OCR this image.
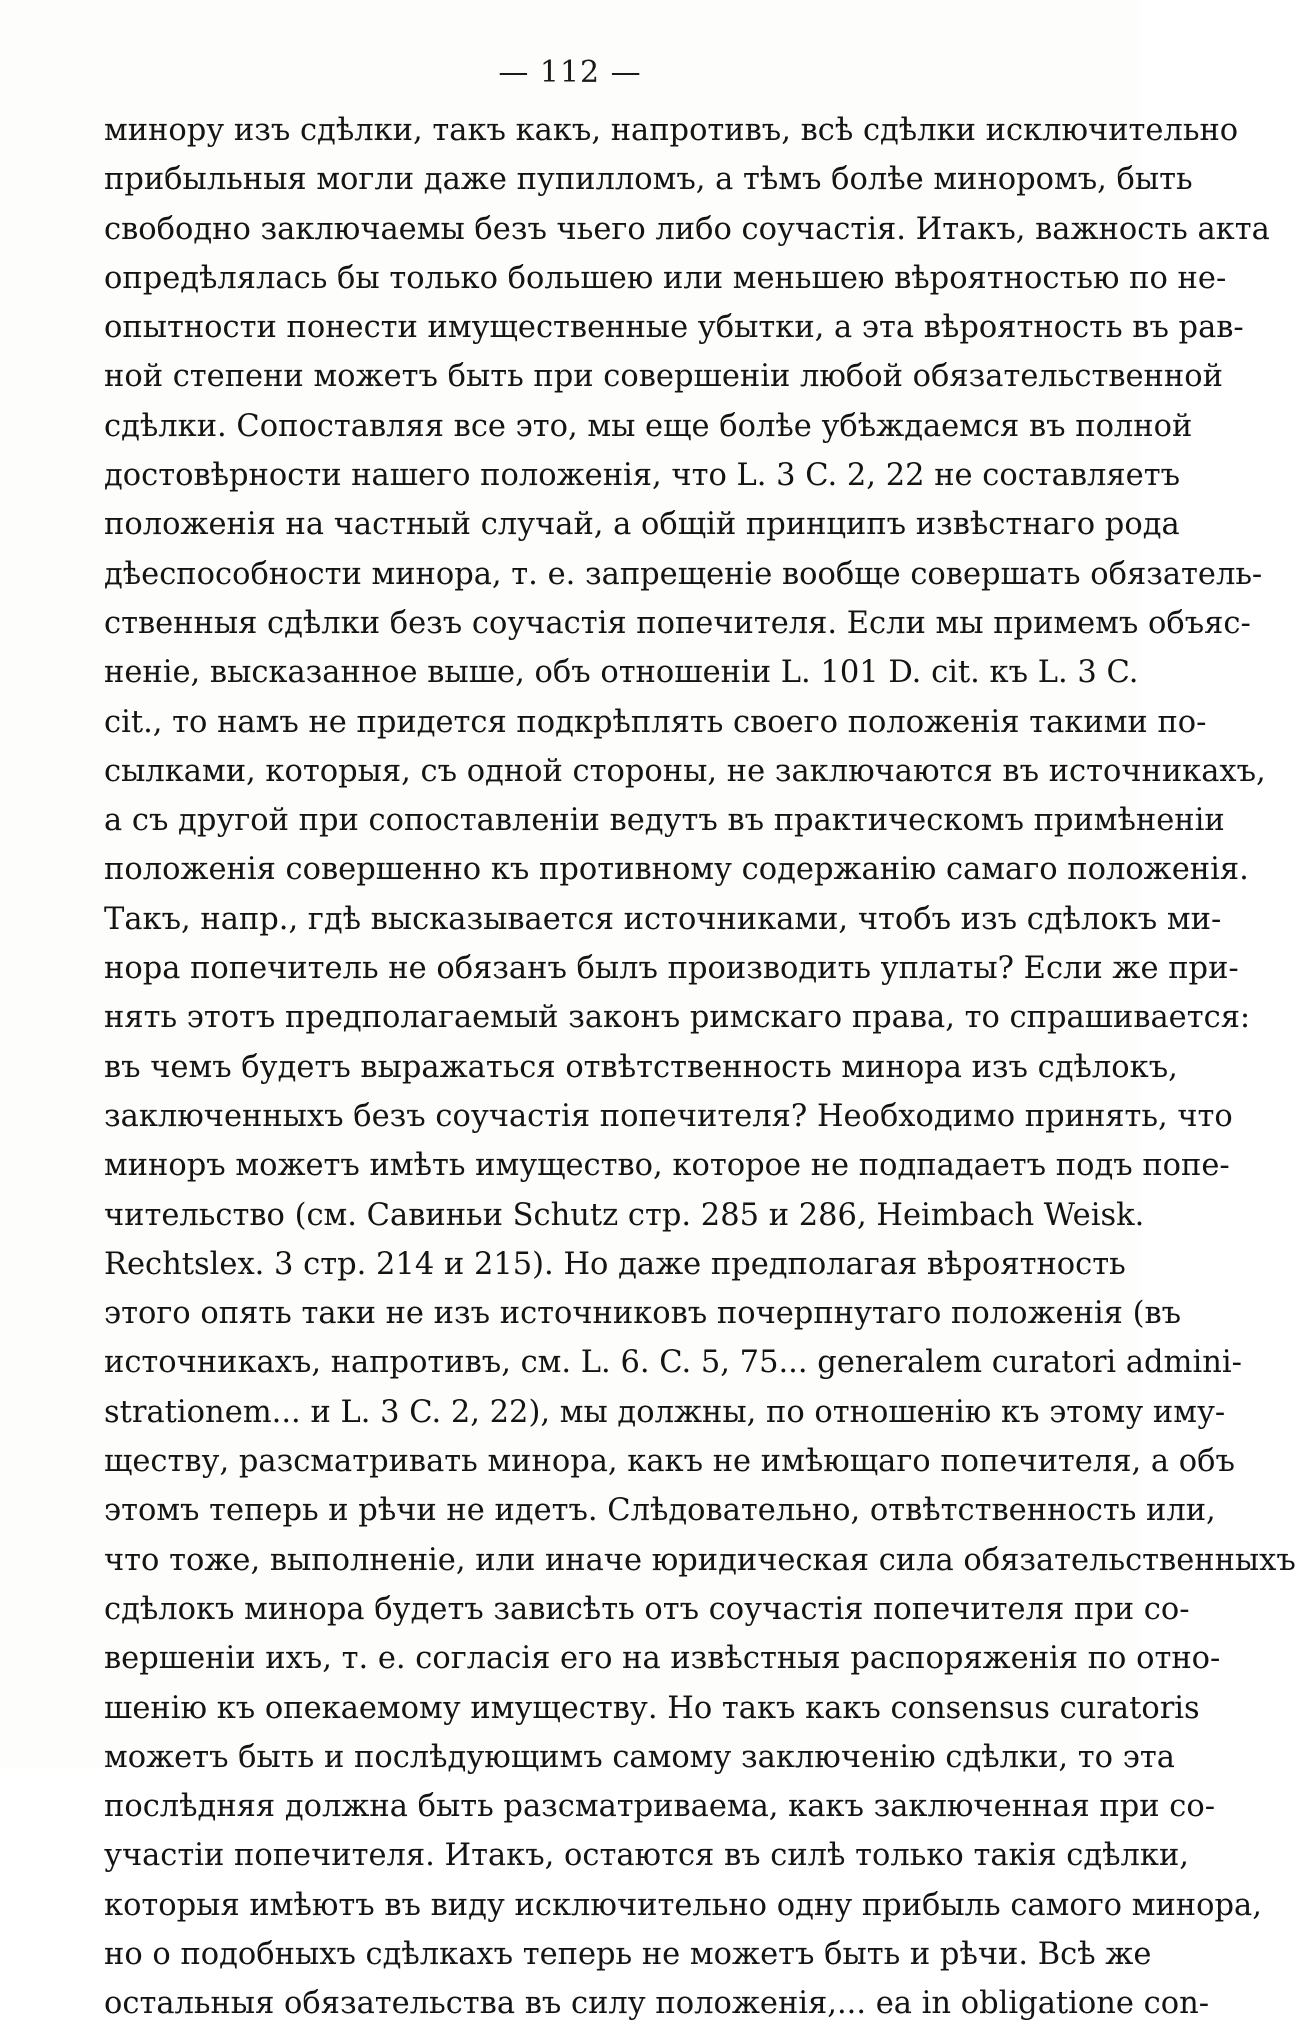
— 112 —
минору изъ сдѣлки, такъ какъ, напротивъ, всѣ сдѣлки исключительно
прибыльныя могли даже пупилломъ, а тѣмъ болѣе миноромъ, быть
свободно заключаемы безъ чьего либо соучастія. Итакъ, важность акта
опредѣлялась бы только большею или меньшею вѣроятностью по не-
опытности понести имущественные убытки, а эта вѣроятность въ рав-
ной степени можетъ быть при совершеніи любой обязательственной
сдѣлки. Сопоставляя все это, мы еще болѣе убѣждаемся въ полной
достовѣрности нашего положенія, что L. 3 C. 2, 22 не составляетъ
положенія на частный случай, а общій принципъ извѣстнаго рода
дѣеспособности минора, т. е. запрещеніе вообще совершать обязатель-
ственныя сдѣлки безъ соучастія попечителя. Если мы примемъ объяс-
неніе, высказанное выше, объ отношеніи L. 101 D. cit. къ L. 3 C.
cit., то намъ не придется подкрѣплять своего положенія такими по-
сылками, которыя, съ одной стороны, не заключаются въ источникахъ,
а съ другой при сопоставленіи ведутъ въ практическомъ примѣненіи
положенія совершенно къ противному содержанію самаго положенія.
Такъ, напр., гдѣ высказывается источниками, чтобъ изъ сдѣлокъ ми-
нора попечитель не обязанъ былъ производить уплаты? Если же при-
нять этотъ предполагаемый законъ римскаго права, то спрашивается:
въ чемъ будетъ выражаться отвѣтственность минора изъ сдѣлокъ,
заключенныхъ безъ соучастія попечителя? Необходимо принять, что
миноръ можетъ имѣть имущество, которое не подпадаетъ подъ попе-
чительство (см. Савиньи Schutz стр. 285 и 286, Heimbach Weisk.
Rechtslex. 3 стр. 214 и 215). Но даже предполагая вѣроятность
этого опять таки не изъ источниковъ почерпнутаго положенія (въ
источникахъ, напротивъ, см. L. 6. C. 5, 75... generalem curatori admini-
strationem... и L. 3 C. 2, 22), мы должны, по отношенію къ этому иму-
ществу, разсматривать минора, какъ не имѣющаго попечителя, а объ
этомъ теперь и рѣчи не идетъ. Слѣдовательно, отвѣтственность или,
что тоже, выполненіе, или иначе юридическая сила обязательственныхъ
сдѣлокъ минора будетъ зависѣть отъ соучастія попечителя при со-
вершеніи ихъ, т. е. согласія его на извѣстныя распоряженія по отно-
шенію къ опекаемому имуществу. Но такъ какъ consensus curatoris
можетъ быть и послѣдующимъ самому заключенію сдѣлки, то эта
послѣдняя должна быть разсматриваема, какъ заключенная при со-
участіи попечителя. Итакъ, остаются въ силѣ только такія сдѣлки,
которыя имѣютъ въ виду исключительно одну прибыль самого минора,
но о подобныхъ сдѣлкахъ теперь не можетъ быть и рѣчи. Всѣ же
остальныя обязательства въ силу положенія,... ea in obligatione con-
